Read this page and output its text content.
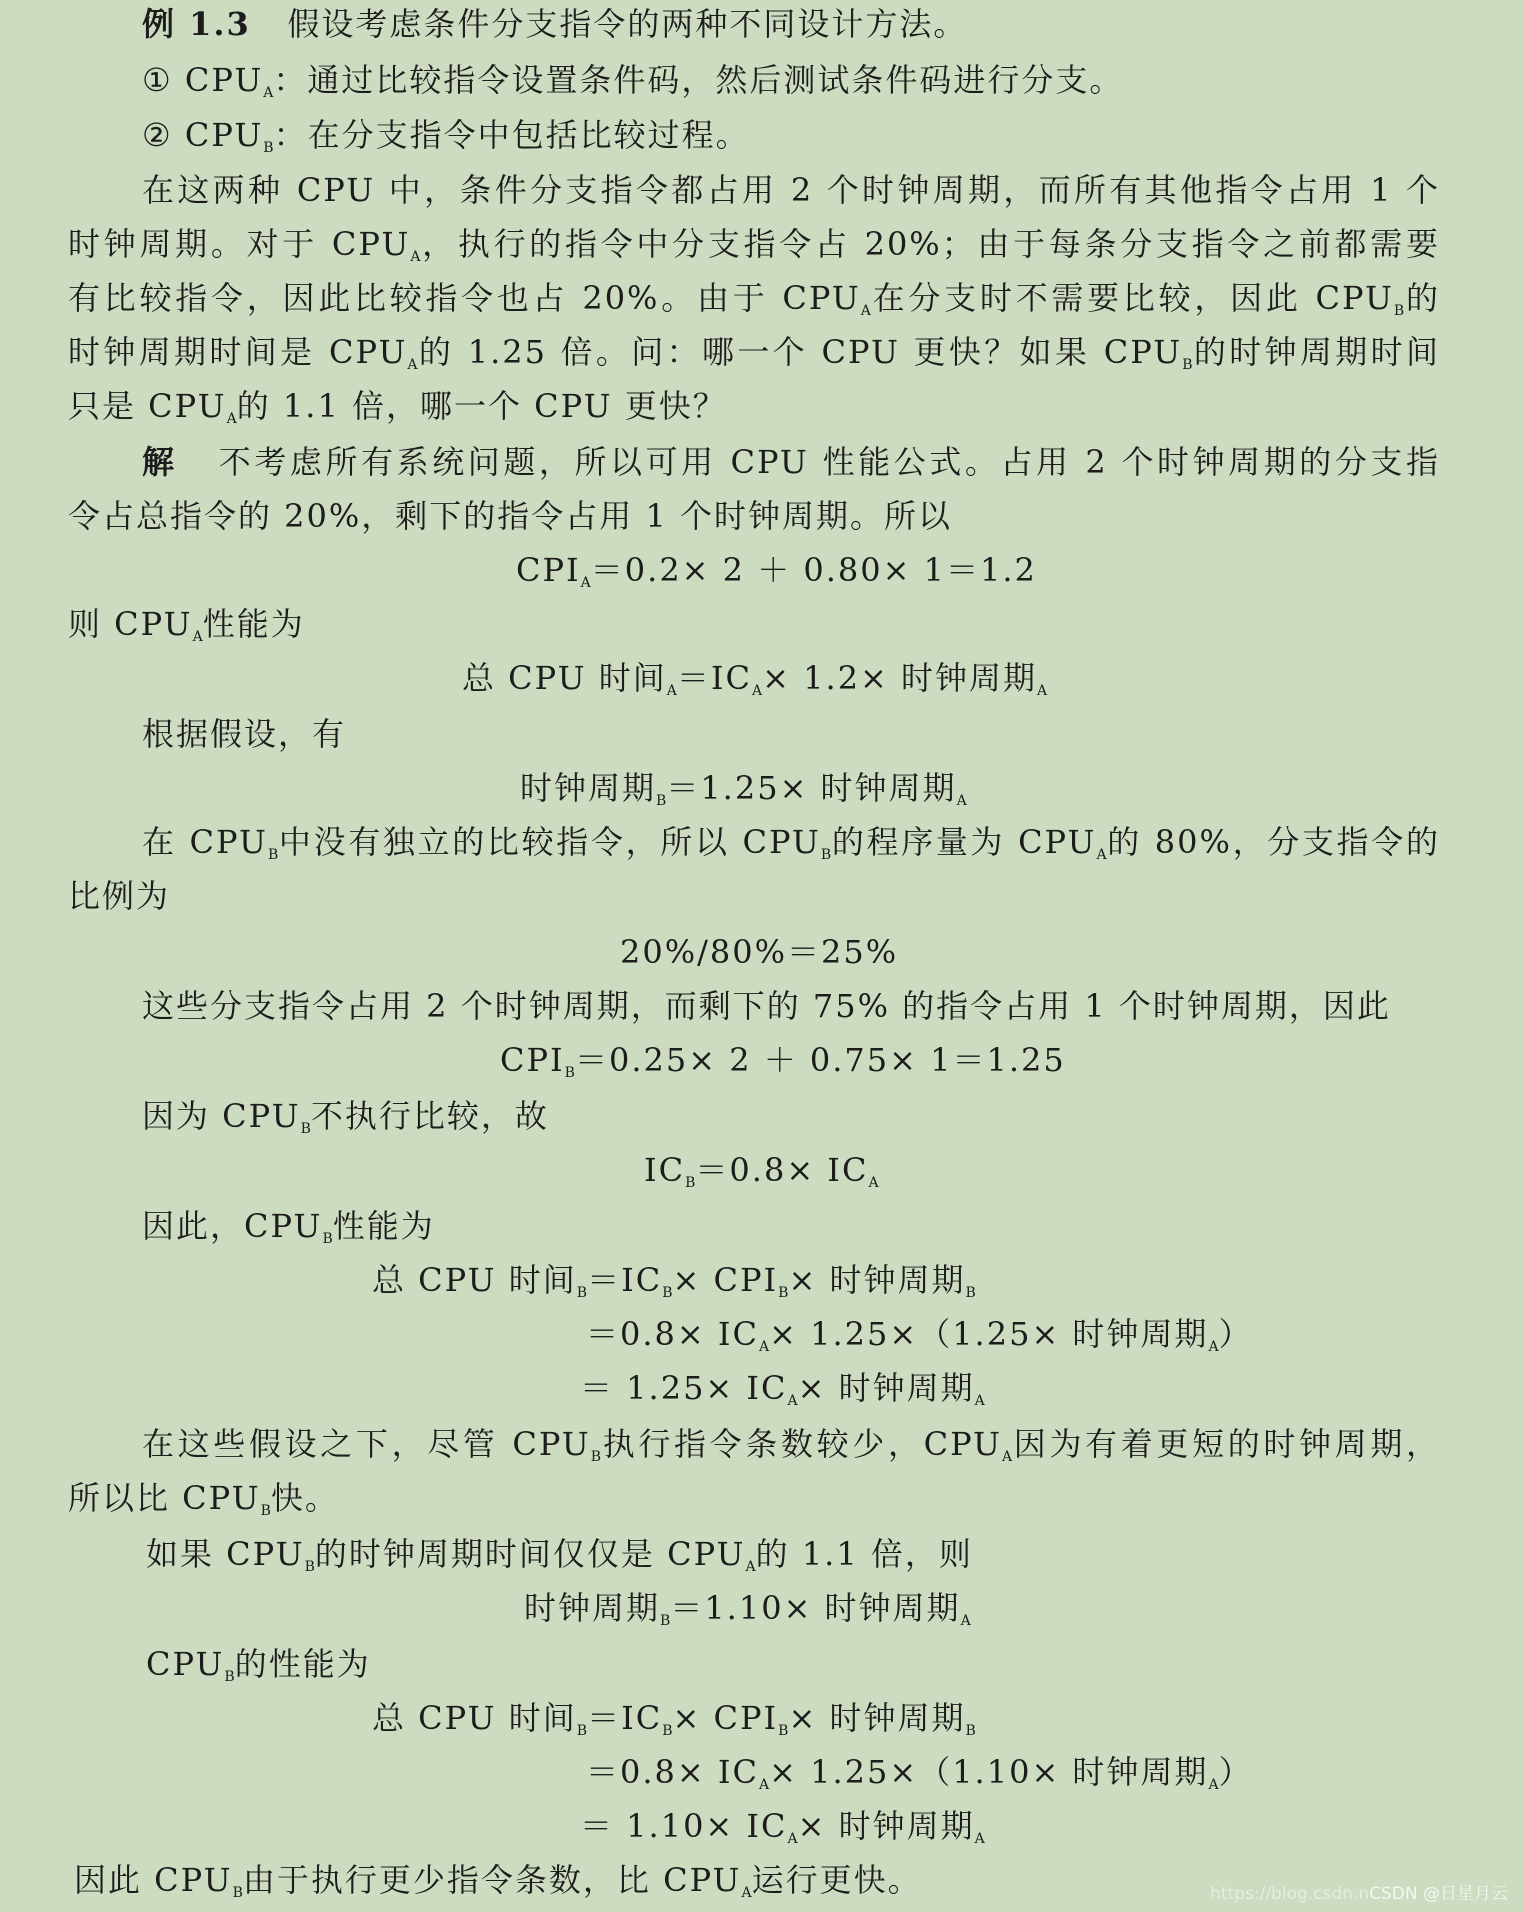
例 1.3 假设考虑条件分支指令的两种不同设计方法。
① $CPU_A$：通过比较指令设置条件码，然后测试条件码进行分支。
② $CPU_B$：在分支指令中包括比较过程。
在这两种 CPU 中，条件分支指令都占用 2 个时钟周期，而所有其他指令占用 1 个
时钟周期。对于 $CPU_A$，执行的指令中分支指令占 20%；由于每条分支指令之前都需要
有比较指令，因此比较指令也占 20%。由于 $CPU_A$在分支时不需要比较，因此 $CPU_B$的
时钟周期时间是 $CPU_A$的 1.25 倍。问：哪一个 CPU 更快？如果 $CPU_B$的时钟周期时间
只是 $CPU_A$的 1.1 倍，哪一个 CPU 更快？
解 不考虑所有系统问题，所以可用 CPU 性能公式。占用 2 个时钟周期的分支指
令占总指令的 20%，剩下的指令占用 1 个时钟周期。所以
$CPI_A=0.2\times 2 + 0.80\times 1=1.2$
则 $CPU_A$性能为
总 CPU 时间$_A=IC_A\times 1.2\times$ 时钟周期$_A$
根据假设，有
时钟周期$_B$＝1.25× 时钟周期$_A$
在 $CPU_B$中没有独立的比较指令，所以 $CPU_B$的程序量为 $CPU_A$的 80%，分支指令的
比例为
20%/80%＝25%
这些分支指令占用 2 个时钟周期，而剩下的 75% 的指令占用 1 个时钟周期，因此
$CPI_B=0.25\times 2 + 0.75\times 1=1.25$
因为 $CPU_B$不执行比较，故
$IC_B=0.8\times IC_A$
因此，$CPU_B$性能为
总 CPU 时间$_B=IC_B\times CPI_B\times$ 时钟周期$_B$
$=0.8\times IC_A\times 1.25\times(1.25\times$ 时钟周期$_A$）
＝ $1.25\times IC_A\times$ 时钟周期$_A$
在这些假设之下，尽管 $CPU_B$执行指令条数较少，$CPU_A$因为有着更短的时钟周期，
所以比 $CPU_B$快。
如果 $CPU_B$的时钟周期时间仅仅是 $CPU_A$的 1.1 倍，则
时钟周期$_B$＝1.10× 时钟周期$_A$
$CPU_B$的性能为
总 CPU 时间$_B=IC_B\times CPI_B\times$ 时钟周期$_B$
$=0.8\times IC_A\times 1.25\times(1.10\times$ 时钟周期$_A$）
＝ $1.10\times IC_A\times$ 时钟周期$_A$
因此 $CPU_B$由于执行更少指令条数，比 $CPU_A$运行更快。	https://blog.csdn.nCSDN @日星月云
